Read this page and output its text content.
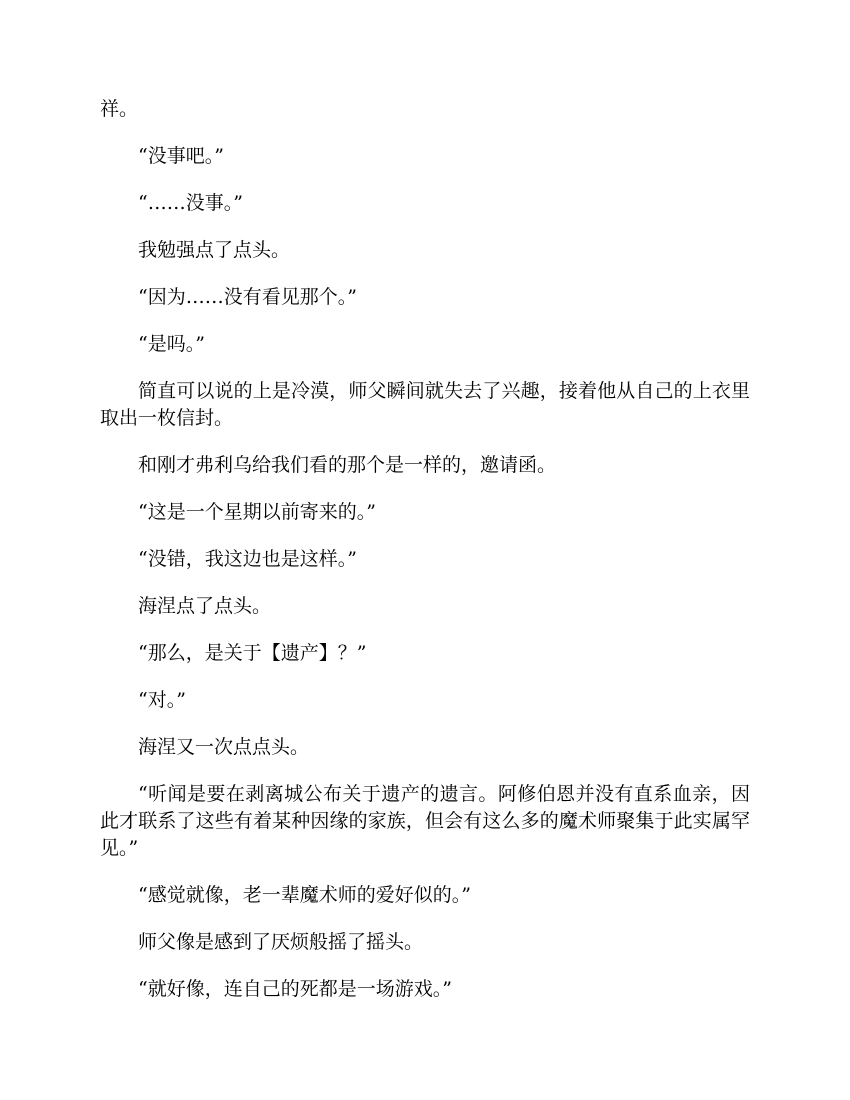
祥。

“没事吧。”

“……没事。”

我勉强点了点头。

“因为……没有看见那个。”

“是吗。”

简直可以说的上是冷漠，师父瞬间就失去了兴趣，接着他从自己的上衣里取出一枚信封。

和刚才弗利乌给我们看的那个是一样的，邀请函。

“这是一个星期以前寄来的。”

“没错，我这边也是这样。”

海涅点了点头。

“那么，是关于【遗产】？”

“对。”

海涅又一次点点头。

“听闻是要在剥离城公布关于遗产的遗言。阿修伯恩并没有直系血亲，因此才联系了这些有着某种因缘的家族，但会有这么多的魔术师聚集于此实属罕见。”

“感觉就像，老一辈魔术师的爱好似的。”

师父像是感到了厌烦般摇了摇头。

“就好像，连自己的死都是一场游戏。”
